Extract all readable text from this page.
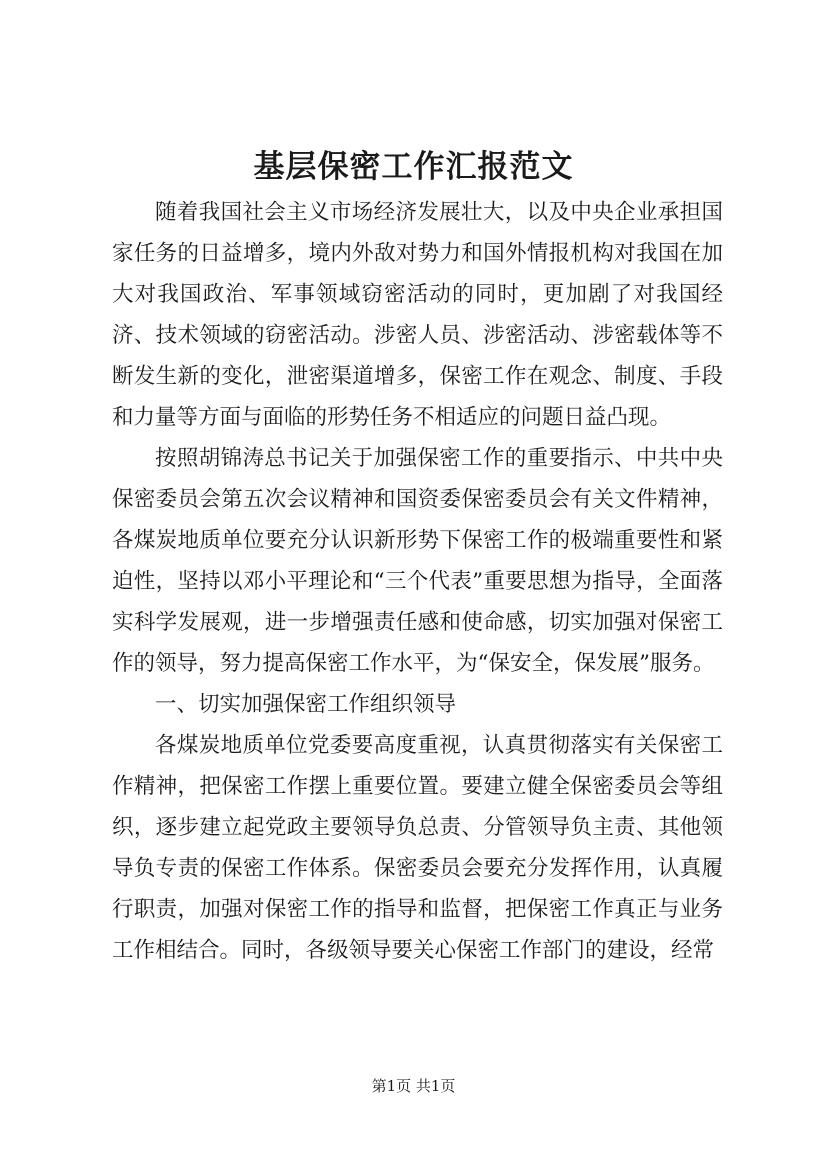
基层保密工作汇报范文

随着我国社会主义市场经济发展壮大，以及中央企业承担国家任务的日益增多，境内外敌对势力和国外情报机构对我国在加大对我国政治、军事领域窃密活动的同时，更加剧了对我国经济、技术领域的窃密活动。涉密人员、涉密活动、涉密载体等不断发生新的变化，泄密渠道增多，保密工作在观念、制度、手段和力量等方面与面临的形势任务不相适应的问题日益凸现。

按照胡锦涛总书记关于加强保密工作的重要指示、中共中央保密委员会第五次会议精神和国资委保密委员会有关文件精神，各煤炭地质单位要充分认识新形势下保密工作的极端重要性和紧迫性，坚持以邓小平理论和“三个代表”重要思想为指导，全面落实科学发展观，进一步增强责任感和使命感，切实加强对保密工作的领导，努力提高保密工作水平，为“保安全，保发展”服务。

一、切实加强保密工作组织领导

各煤炭地质单位党委要高度重视，认真贯彻落实有关保密工作精神，把保密工作摆上重要位置。要建立健全保密委员会等组织，逐步建立起党政主要领导负总责、分管领导负主责、其他领导负专责的保密工作体系。保密委员会要充分发挥作用，认真履行职责，加强对保密工作的指导和监督，把保密工作真正与业务工作相结合。同时，各级领导要关心保密工作部门的建设，经常

第1页 共1页
